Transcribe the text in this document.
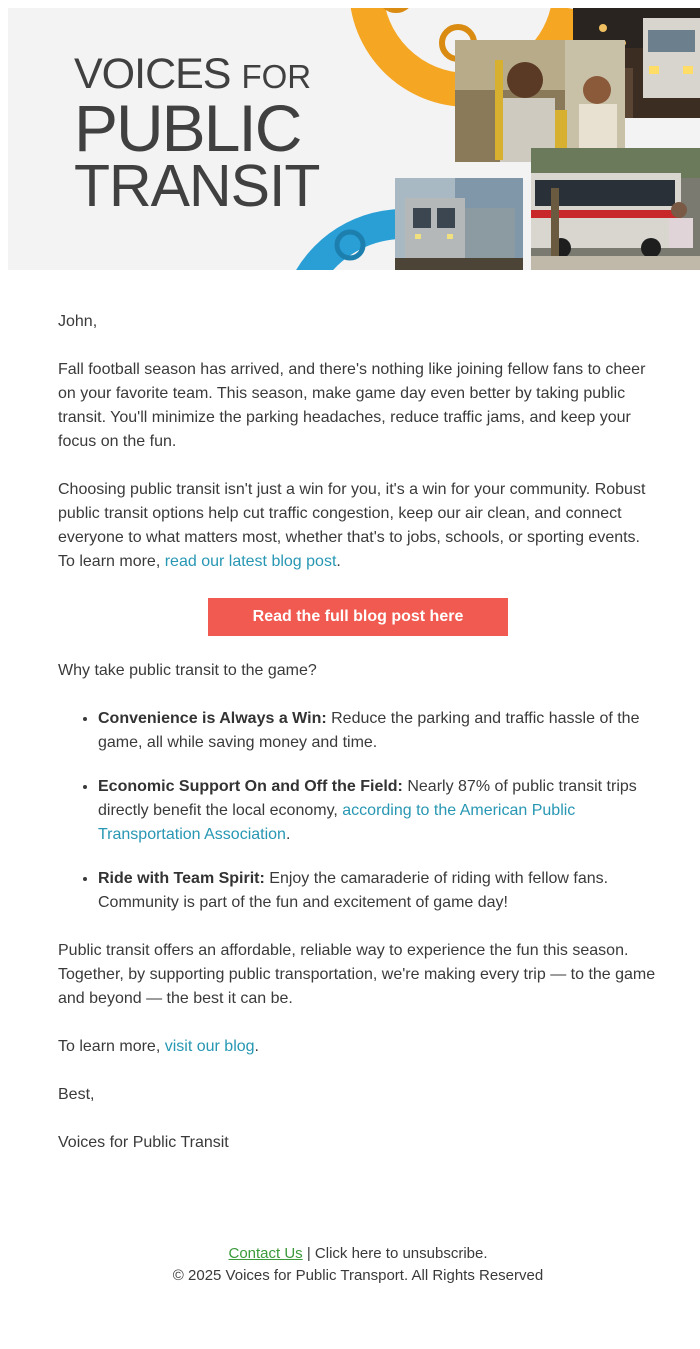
VOICES FOR
PUBLIC
TRANSIT

John,

Fall football season has arrived, and there's nothing like joining fellow fans to cheer on your favorite team. This season, make game day even better by taking public transit. You'll minimize the parking headaches, reduce traffic jams, and keep your focus on the fun.

Choosing public transit isn't just a win for you, it's a win for your community. Robust public transit options help cut traffic congestion, keep our air clean, and connect everyone to what matters most, whether that's to jobs, schools, or sporting events. To learn more, read our latest blog post.

Read the full blog post here

Why take public transit to the game?

• Convenience is Always a Win: Reduce the parking and traffic hassle of the game, all while saving money and time.
• Economic Support On and Off the Field: Nearly 87% of public transit trips directly benefit the local economy, according to the American Public Transportation Association.
• Ride with Team Spirit: Enjoy the camaraderie of riding with fellow fans. Community is part of the fun and excitement of game day!

Public transit offers an affordable, reliable way to experience the fun this season. Together, by supporting public transportation, we're making every trip — to the game and beyond — the best it can be.

To learn more, visit our blog.

Best,

Voices for Public Transit

Contact Us | Click here to unsubscribe.
© 2025 Voices for Public Transport. All Rights Reserved
